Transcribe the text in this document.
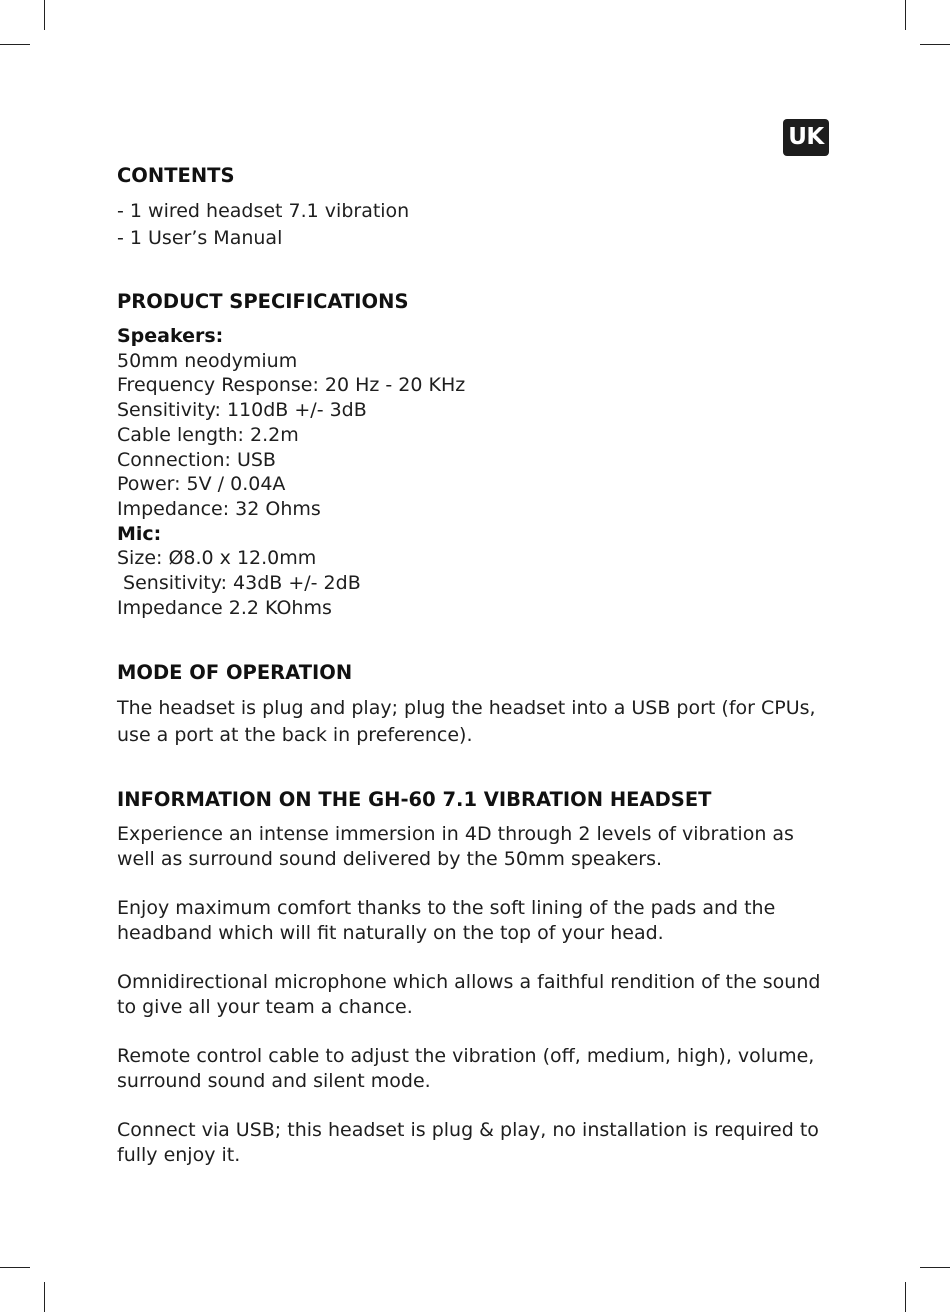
UK
CONTENTS

- 1 wired headset 7.1 vibration

- 1 User’s Manual

PRODUCT SPECIFICATIONS

Speakers:

50mm neodymium

Frequency Response: 20 Hz - 20 KHz

Sensitivity: 110dB +/- 3dB

Cable length: 2.2m

Connection: USB

Power: 5V / 0.04A

Impedance: 32 Ohms

Mic:

Size: Ø8.0 x 12.0mm

Sensitivity: 43dB +/- 2dB

Impedance 2.2 KOhms

MODE OF OPERATION

The headset is plug and play; plug the headset into a USB port (for CPUs, use a port at the back in preference).

INFORMATION ON THE GH-60 7.1 VIBRATION HEADSET

Experience an intense immersion in 4D through 2 levels of vibration as well as surround sound delivered by the 50mm speakers.

Enjoy maximum comfort thanks to the soft lining of the pads and the headband which will fit naturally on the top of your head.

Omnidirectional microphone which allows a faithful rendition of the sound to give all your team a chance.

Remote control cable to adjust the vibration (off, medium, high), volume, surround sound and silent mode.

Connect via USB; this headset is plug & play, no installation is required to fully enjoy it.
